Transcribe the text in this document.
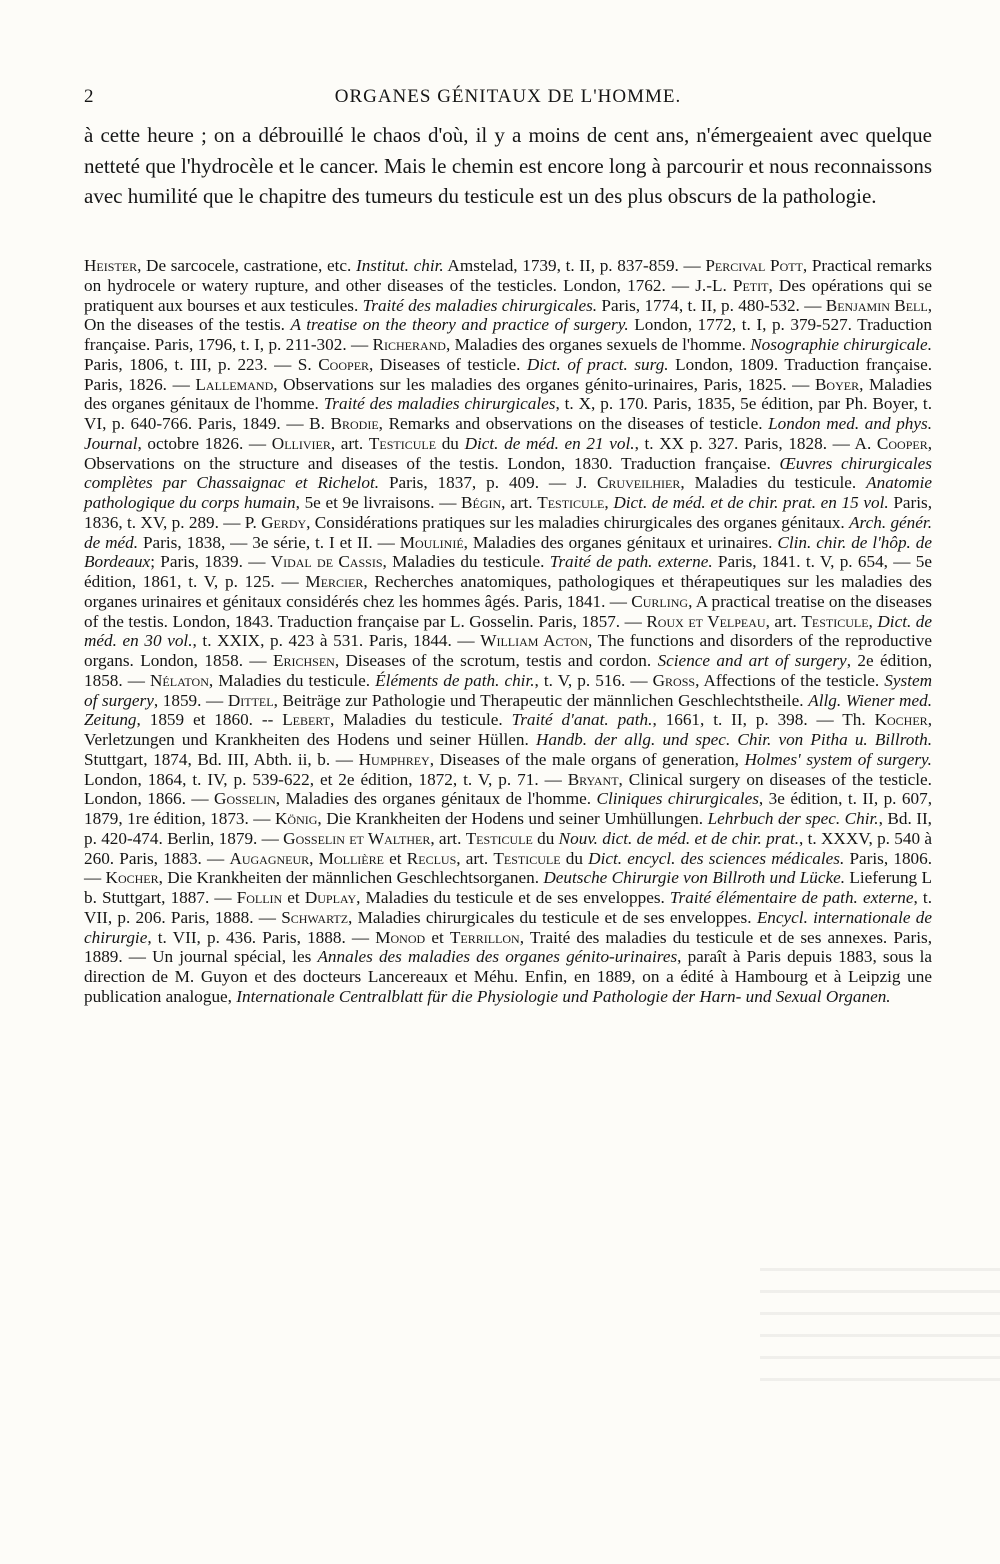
2	ORGANES GÉNITAUX DE L'HOMME.

à cette heure ; on a débrouillé le chaos d'où, il y a moins de cent ans, n'émergeaient avec quelque netteté que l'hydrocèle et le cancer. Mais le chemin est encore long à parcourir et nous reconnaissons avec humilité que le chapitre des tumeurs du testicule est un des plus obscurs de la pathologie.

Heister, De sarcocele, castratione, etc. Institut. chir. Amstelad, 1739, t. II, p. 837-859. — Percival Pott, Practical remarks on hydrocele or watery rupture, and other diseases of the testicles. London, 1762. — J.-L. Petit, Des opérations qui se pratiquent aux bourses et aux testicules. Traité des maladies chirurgicales. Paris, 1774, t. II, p. 480-532. — Benjamin Bell, On the diseases of the testis. A treatise on the theory and practice of surgery. London, 1772, t. I, p. 379-527. Traduction française. Paris, 1796, t. I, p. 211-302. — Richerand, Maladies des organes sexuels de l'homme. Nosographie chirurgicale. Paris, 1806, t. III, p. 223. — S. Cooper, Diseases of testicle. Dict. of pract. surg. London, 1809. Traduction française. Paris, 1826. — Lallemand, Observations sur les maladies des organes génito-urinaires, Paris, 1825. — Boyer, Maladies des organes génitaux de l'homme. Traité des maladies chirurgicales, t. X, p. 170. Paris, 1835, 5e édition, par Ph. Boyer, t. VI, p. 640-766. Paris, 1849. — B. Brodie, Remarks and observations on the diseases of testicle. London med. and phys. Journal, octobre 1826. — Ollivier, art. Testicule du Dict. de méd. en 21 vol., t. XX p. 327. Paris, 1828. — A. Cooper, Observations on the structure and diseases of the testis. London, 1830. Traduction française. Œuvres chirurgicales complètes par Chassaignac et Richelot. Paris, 1837, p. 409. — J. Cruveilhier, Maladies du testicule. Anatomie pathologique du corps humain, 5e et 9e livraisons. — Bégin, art. Testicule, Dict. de méd. et de chir. prat. en 15 vol. Paris, 1836, t. XV, p. 289. — P. Gerdy, Considérations pratiques sur les maladies chirurgicales des organes génitaux. Arch. génér. de méd. Paris, 1838, — 3e série, t. I et II. — Moulinié, Maladies des organes génitaux et urinaires. Clin. chir. de l'hôp. de Bordeaux; Paris, 1839. — Vidal de Cassis, Maladies du testicule. Traité de path. externe. Paris, 1841. t. V, p. 654, — 5e édition, 1861, t. V, p. 125. — Mercier, Recherches anatomiques, pathologiques et thérapeutiques sur les maladies des organes urinaires et génitaux considérés chez les hommes âgés. Paris, 1841. — Curling, A practical treatise on the diseases of the testis. London, 1843. Traduction française par L. Gosselin. Paris, 1857. — Roux et Velpeau, art. Testicule, Dict. de méd. en 30 vol., t. XXIX, p. 423 à 531. Paris, 1844. — William Acton, The functions and disorders of the reproductive organs. London, 1858. — Erichsen, Diseases of the scrotum, testis and cordon. Science and art of surgery, 2e édition, 1858. — Nélaton, Maladies du testicule. Éléments de path. chir., t. V, p. 516. — Gross, Affections of the testicle. System of surgery, 1859. — Dittel, Beiträge zur Pathologie und Therapeutic der männlichen Geschlechtstheile. Allg. Wiener med. Zeitung, 1859 et 1860. -- Lebert, Maladies du testicule. Traité d'anat. path., 1661, t. II, p. 398. — Th. Kocher, Verletzungen und Krankheiten des Hodens und seiner Hüllen. Handb. der allg. und spec. Chir. von Pitha u. Billroth. Stuttgart, 1874, Bd. III, Abth. ii, b. — Humphrey, Diseases of the male organs of generation, Holmes' system of surgery. London, 1864, t. IV, p. 539-622, et 2e édition, 1872, t. V, p. 71. — Bryant, Clinical surgery on diseases of the testicle. London, 1866. — Gosselin, Maladies des organes génitaux de l'homme. Cliniques chirurgicales, 3e édition, t. II, p. 607, 1879, 1re édition, 1873. — König, Die Krankheiten der Hodens und seiner Umhüllungen. Lehrbuch der spec. Chir., Bd. II, p. 420-474. Berlin, 1879. — Gosselin et Walther, art. Testicule du Nouv. dict. de méd. et de chir. prat., t. XXXV, p. 540 à 260. Paris, 1883. — Augagneur, Mollière et Reclus, art. Testicule du Dict. encycl. des sciences médicales. Paris, 1806. — Kocher, Die Krankheiten der männlichen Geschlechtsorganen. Deutsche Chirurgie von Billroth und Lücke. Lieferung L b. Stuttgart, 1887. — Follin et Duplay, Maladies du testicule et de ses enveloppes. Traité élémentaire de path. externe, t. VII, p. 206. Paris, 1888. — Schwartz, Maladies chirurgicales du testicule et de ses enveloppes. Encycl. internationale de chirurgie, t. VII, p. 436. Paris, 1888. — Monod et Terrillon, Traité des maladies du testicule et de ses annexes. Paris, 1889. — Un journal spécial, les Annales des maladies des organes génito-urinaires, paraît à Paris depuis 1883, sous la direction de M. Guyon et des docteurs Lancereaux et Méhu. Enfin, en 1889, on a édité à Hambourg et à Leipzig une publication analogue, Internationale Centralblatt für die Physiologie und Pathologie der Harn- und Sexual Organen.
